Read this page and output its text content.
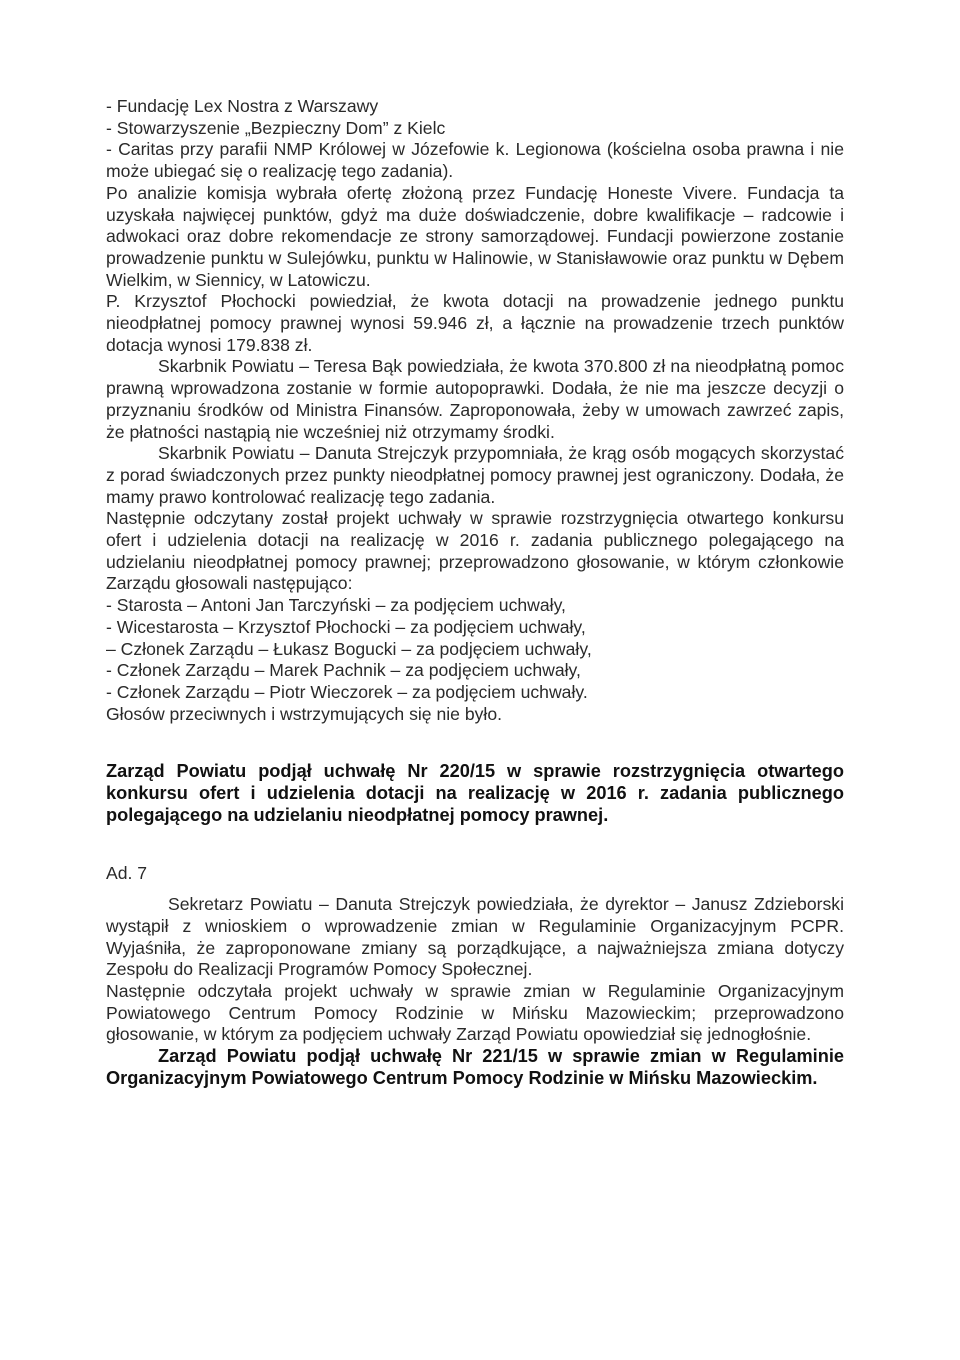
- Fundację Lex Nostra z Warszawy

- Stowarzyszenie „Bezpieczny Dom” z Kielc

- Caritas przy parafii NMP Królowej w Józefowie k. Legionowa (kościelna osoba prawna i nie może ubiegać się o realizację tego zadania).

Po analizie komisja wybrała ofertę złożoną przez Fundację Honeste Vivere. Fundacja ta uzyskała najwięcej punktów, gdyż ma duże doświadczenie, dobre kwalifikacje – radcowie i adwokaci oraz dobre rekomendacje ze strony samorządowej. Fundacji powierzone zostanie prowadzenie punktu w Sulejówku, punktu w Halinowie, w Stanisławowie oraz punktu w Dębem Wielkim, w Siennicy, w Latowiczu.

P. Krzysztof Płochocki powiedział, że kwota dotacji na prowadzenie jednego punktu nieodpłatnej pomocy prawnej wynosi 59.946 zł, a łącznie na prowadzenie trzech punktów dotacja wynosi 179.838 zł.

Skarbnik Powiatu – Teresa Bąk powiedziała, że kwota 370.800 zł na nieodpłatną pomoc prawną wprowadzona zostanie w formie autopoprawki. Dodała, że nie ma jeszcze decyzji o przyznaniu środków od Ministra Finansów. Zaproponowała, żeby w umowach zawrzeć zapis, że płatności nastąpią nie wcześniej niż otrzymamy środki.

Skarbnik Powiatu – Danuta Strejczyk przypomniała, że krąg osób mogących skorzystać z porad świadczonych przez punkty nieodpłatnej pomocy prawnej jest ograniczony. Dodała, że mamy prawo kontrolować realizację tego zadania.

Następnie odczytany został projekt uchwały w sprawie rozstrzygnięcia otwartego konkursu ofert i udzielenia dotacji na realizację w 2016 r. zadania publicznego polegającego na udzielaniu nieodpłatnej pomocy prawnej; przeprowadzono głosowanie, w którym członkowie Zarządu głosowali następująco:

- Starosta – Antoni Jan Tarczyński – za podjęciem uchwały,

- Wicestarosta – Krzysztof Płochocki – za podjęciem uchwały,

– Członek Zarządu – Łukasz Bogucki – za podjęciem uchwały,

- Członek Zarządu – Marek Pachnik – za podjęciem uchwały,

- Członek Zarządu – Piotr Wieczorek – za podjęciem uchwały.

Głosów przeciwnych i wstrzymujących się nie było.

Zarząd Powiatu podjął uchwałę Nr 220/15 w sprawie rozstrzygnięcia otwartego konkursu ofert i udzielenia dotacji na realizację w 2016 r. zadania publicznego polegającego na udzielaniu nieodpłatnej pomocy prawnej.

Ad. 7

Sekretarz Powiatu – Danuta Strejczyk powiedziała, że dyrektor – Janusz Zdzieborski wystąpił z wnioskiem o wprowadzenie zmian w Regulaminie Organizacyjnym PCPR. Wyjaśniła, że zaproponowane zmiany są porządkujące, a najważniejsza zmiana dotyczy Zespołu do Realizacji Programów Pomocy Społecznej.

Następnie odczytała projekt uchwały w sprawie zmian w Regulaminie Organizacyjnym Powiatowego Centrum Pomocy Rodzinie w Mińsku Mazowieckim; przeprowadzono głosowanie, w którym za podjęciem uchwały Zarząd Powiatu opowiedział się jednogłośnie.

Zarząd Powiatu podjął uchwałę Nr 221/15 w sprawie zmian w Regulaminie Organizacyjnym Powiatowego Centrum Pomocy Rodzinie w Mińsku Mazowieckim.
